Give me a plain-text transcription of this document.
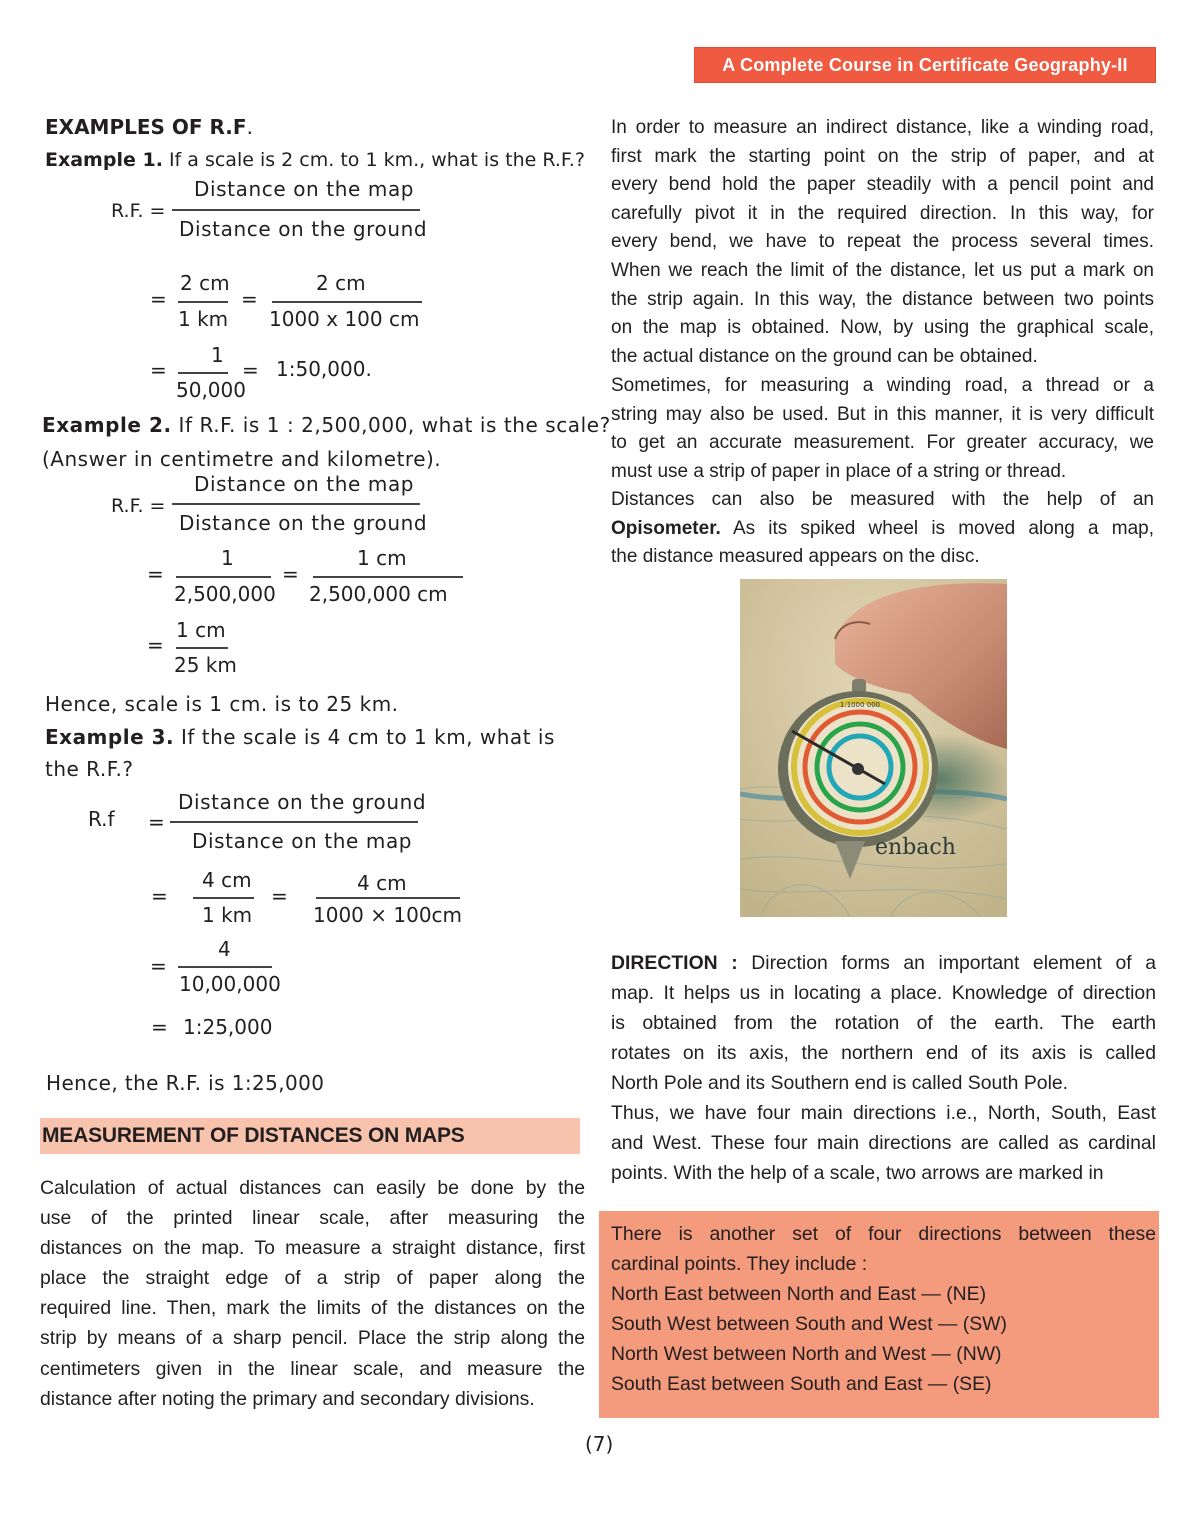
A Complete Course in Certificate Geography-II
EXAMPLES OF R.F.
Example 1. If a scale is 2 cm. to 1 km., what is the R.F.?
R.F. =
Distance on the map
Distance on the ground
=
2 cm
1 km
=
2 cm
1000 x 100 cm
=
1
50,000
= 1:50,000.
Example 2. If R.F. is 1 : 2,500,000, what is the scale?
(Answer in centimetre and kilometre).
R.F. =
Distance on the map
Distance on the ground
=
1
2,500,000
=
1 cm
2,500,000 cm
=
1 cm
25 km
Hence, scale is 1 cm. is to 25 km.
Example 3. If the scale is 4 cm to 1 km, what is
the R.F.?
R.f =
Distance on the ground
Distance on the map
=
4 cm
1 km
=
4 cm
1000 × 100cm
=
4
10,00,000
= 1:25,000
Hence, the R.F. is 1:25,000
MEASUREMENT OF DISTANCES ON MAPS
Calculation of actual distances can easily be done by the
use of the printed linear scale, after measuring the
distances on the map. To measure a straight distance, first
place the straight edge of a strip of paper along the
required line. Then, mark the limits of the distances on the
strip by means of a sharp pencil. Place the strip along the
centimeters given in the linear scale, and measure the
distance after noting the primary and secondary divisions.
In order to measure an indirect distance, like a winding road,
first mark the starting point on the strip of paper, and at
every bend hold the paper steadily with a pencil point and
carefully pivot it in the required direction. In this way, for
every bend, we have to repeat the process several times.
When we reach the limit of the distance, let us put a mark on
the strip again. In this way, the distance between two points
on the map is obtained. Now, by using the graphical scale,
the actual distance on the ground can be obtained.
Sometimes, for measuring a winding road, a thread or a
string may also be used. But in this manner, it is very difficult
to get an accurate measurement. For greater accuracy, we
must use a strip of paper in place of a string or thread.
Distances can also be measured with the help of an
Opisometer. As its spiked wheel is moved along a map,
the distance measured appears on the disc.
1:1000 000
enbach
DIRECTION : Direction forms an important element of a
map. It helps us in locating a place. Knowledge of direction
is obtained from the rotation of the earth. The earth
rotates on its axis, the northern end of its axis is called
North Pole and its Southern end is called South Pole.
Thus, we have four main directions i.e., North, South, East
and West. These four main directions are called as cardinal
points. With the help of a scale, two arrows are marked in
There is another set of four directions between these
cardinal points. They include :
North East between North and East — (NE)
South West between South and West — (SW)
North West between North and West — (NW)
South East between South and East — (SE)
(7)
